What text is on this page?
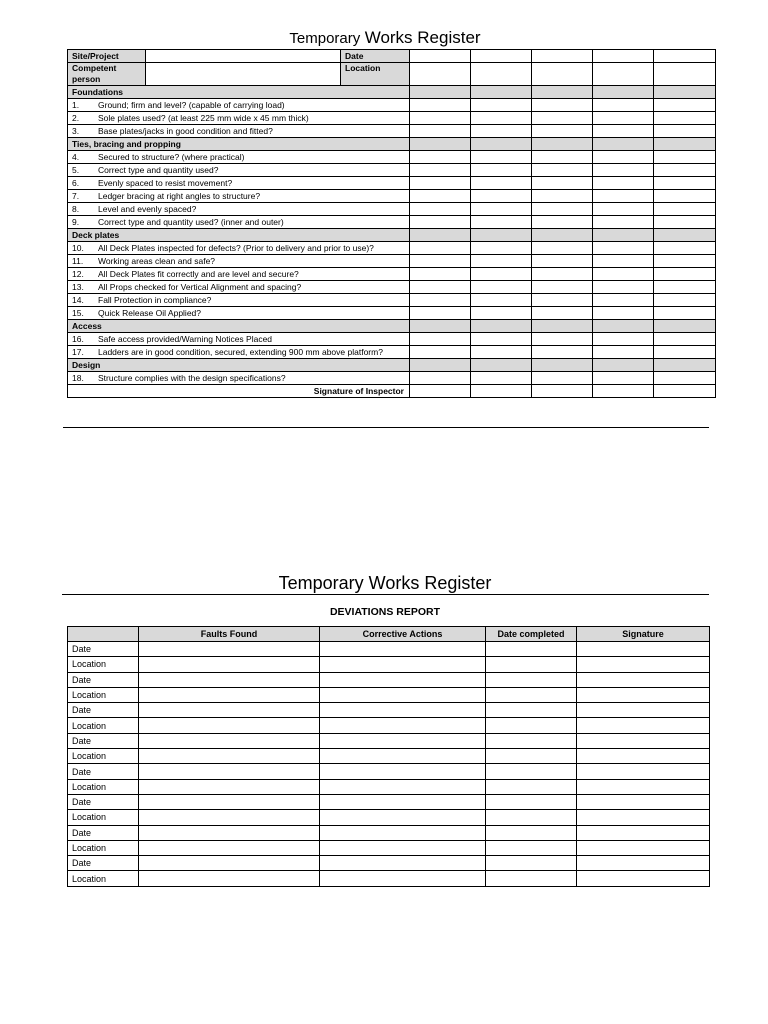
Temporary Works Register
Site/Project		Date					
Competent person		Location					
Foundations							
1. Ground; firm and level? (capable of carrying load)							
2. Sole plates used? (at least 225 mm wide x 45 mm thick)							
3. Base plates/jacks in good condition and fitted?							
Ties, bracing and propping							
4. Secured to structure? (where practical)							
5. Correct type and quantity used?							
6. Evenly spaced to resist movement?							
7. Ledger bracing at right angles to structure?							
8. Level and evenly spaced?							
9. Correct type and quantity used? (inner and outer)							
Deck plates							
10. All Deck Plates inspected for defects? (Prior to delivery and prior to use)?							
11. Working areas clean and safe?							
12. All Deck Plates fit correctly and are level and secure?							
13. All Props checked for Vertical Alignment and spacing?							
14. Fall Protection in compliance?							
15. Quick Release Oil Applied?							
Access							
16. Safe access provided/Warning Notices Placed							
17. Ladders are in good condition, secured, extending 900 mm above platform?							
Design							
18. Structure complies with the design specifications?							
Signature of Inspector							
Temporary Works Register
DEVIATIONS REPORT
	Faults Found	Corrective Actions	Date completed	Signature
Date				
Location				
Date				
Location				
Date				
Location				
Date				
Location				
Date				
Location				
Date				
Location				
Date				
Location				
Date				
Location				
